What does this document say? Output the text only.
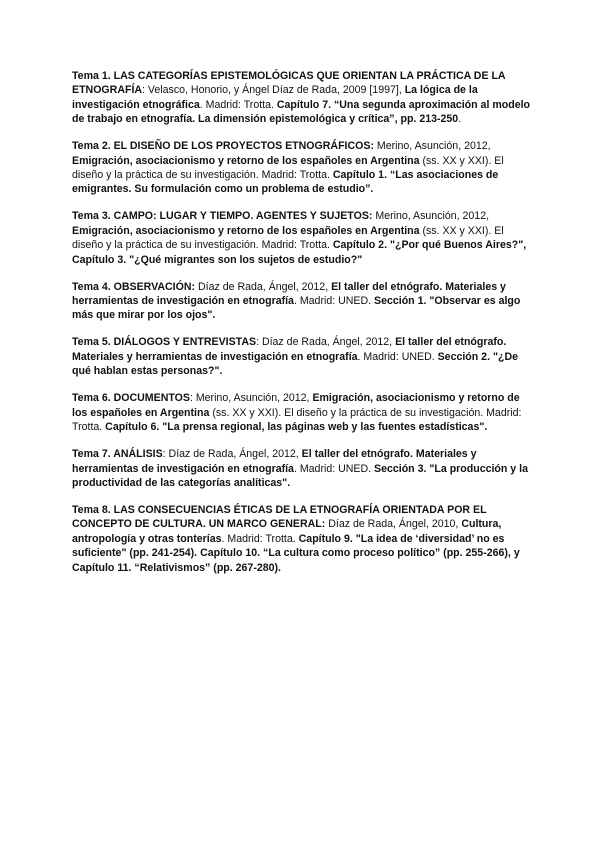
Tema 1. LAS CATEGORÍAS EPISTEMOLÓGICAS QUE ORIENTAN LA PRÁCTICA DE LA ETNOGRAFÍA: Velasco, Honorio, y Ángel Díaz de Rada, 2009 [1997], La lógica de la investigación etnográfica. Madrid: Trotta. Capítulo 7. “Una segunda aproximación al modelo de trabajo en etnografía. La dimensión epistemológica y crítica”, pp. 213-250.

Tema 2. EL DISEÑO DE LOS PROYECTOS ETNOGRÁFICOS: Merino, Asunción, 2012, Emigración, asociacionismo y retorno de los españoles en Argentina (ss. XX y XXI). El diseño y la práctica de su investigación. Madrid: Trotta. Capítulo 1. “Las asociaciones de emigrantes. Su formulación como un problema de estudio”.

Tema 3. CAMPO: LUGAR Y TIEMPO. AGENTES Y SUJETOS: Merino, Asunción, 2012, Emigración, asociacionismo y retorno de los españoles en Argentina (ss. XX y XXI). El diseño y la práctica de su investigación. Madrid: Trotta. Capítulo 2. "¿Por qué Buenos Aires?", Capítulo 3. "¿Qué migrantes son los sujetos de estudio?"

Tema 4. OBSERVACIÓN: Díaz de Rada, Ángel, 2012, El taller del etnógrafo. Materiales y herramientas de investigación en etnografía. Madrid: UNED. Sección 1. "Observar es algo más que mirar por los ojos".

Tema 5. DIÁLOGOS Y ENTREVISTAS: Díaz de Rada, Ángel, 2012, El taller del etnógrafo. Materiales y herramientas de investigación en etnografía. Madrid: UNED. Sección 2. "¿De qué hablan estas personas?".

Tema 6. DOCUMENTOS: Merino, Asunción, 2012, Emigración, asociacionismo y retorno de los españoles en Argentina (ss. XX y XXI). El diseño y la práctica de su investigación. Madrid: Trotta. Capítulo 6. "La prensa regional, las páginas web y las fuentes estadísticas".

Tema 7. ANÁLISIS: Díaz de Rada, Ángel, 2012, El taller del etnógrafo. Materiales y herramientas de investigación en etnografía. Madrid: UNED. Sección 3. "La producción y la productividad de las categorías analíticas".

Tema 8. LAS CONSECUENCIAS ÉTICAS DE LA ETNOGRAFÍA ORIENTADA POR EL CONCEPTO DE CULTURA. UN MARCO GENERAL: Díaz de Rada, Ángel, 2010, Cultura, antropología y otras tonterías. Madrid: Trotta. Capítulo 9. "La idea de ‘diversidad’ no es suficiente" (pp. 241-254). Capítulo 10. “La cultura como proceso político” (pp. 255-266), y Capítulo 11. “Relativismos” (pp. 267-280).
